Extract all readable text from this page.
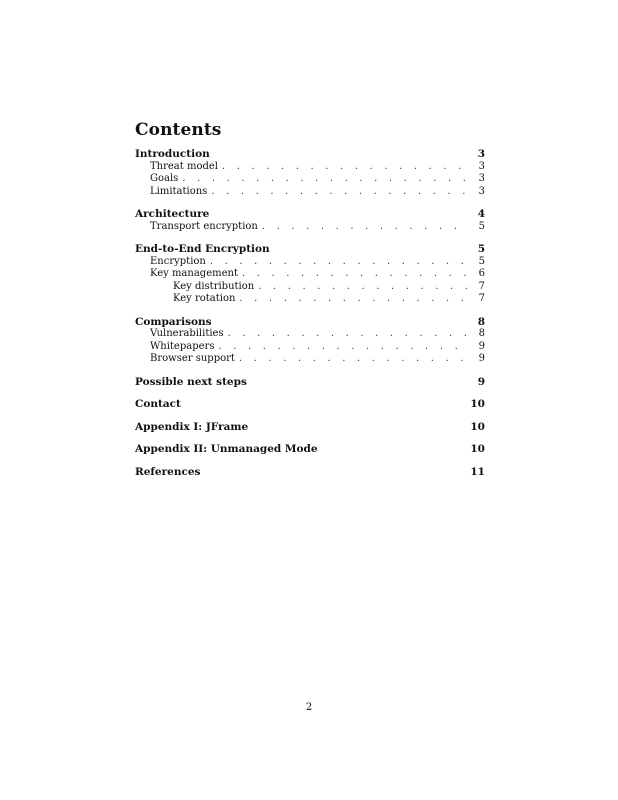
Contents
Introduction	3
Threat model . . .	3
Goals . . .	3
Limitations . . .	3
Architecture	4
Transport encryption . . .	5
End-to-End Encryption	5
Encryption . . .	5
Key management . . .	6
Key distribution . . .	7
Key rotation . . .	7
Comparisons	8
Vulnerabilities . . .	8
Whitepapers . . .	9
Browser support . . .	9
Possible next steps	9
Contact	10
Appendix I: JFrame	10
Appendix II: Unmanaged Mode	10
References	11
2
